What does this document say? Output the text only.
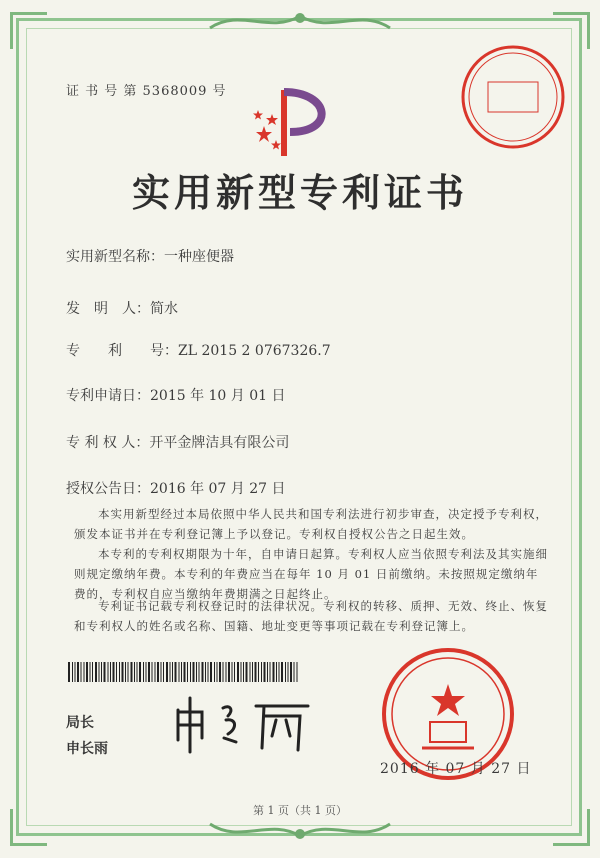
证 书 号 第 5368009 号
实用新型专利证书
实用新型名称：一种座便器
发　明　人：简水
专　　利　　号：ZL 2015 2 0767326.7
专利申请日：2015 年 10 月 01 日
专 利 权 人：开平金牌洁具有限公司
授权公告日：2016 年 07 月 27 日
本实用新型经过本局依照中华人民共和国专利法进行初步审查，决定授予专利权，颁发本证书并在专利登记簿上予以登记。专利权自授权公告之日起生效。
本专利的专利权期限为十年，自申请日起算。专利权人应当依照专利法及其实施细则规定缴纳年费。本专利的年费应当在每年 10 月 01 日前缴纳。未按照规定缴纳年费的，专利权自应当缴纳年费期满之日起终止。
专利证书记载专利权登记时的法律状况。专利权的转移、质押、无效、终止、恢复和专利权人的姓名或名称、国籍、地址变更等事项记载在专利登记簿上。
局长
申长雨
2016 年 07 月 27 日
第 1 页（共 1 页）
